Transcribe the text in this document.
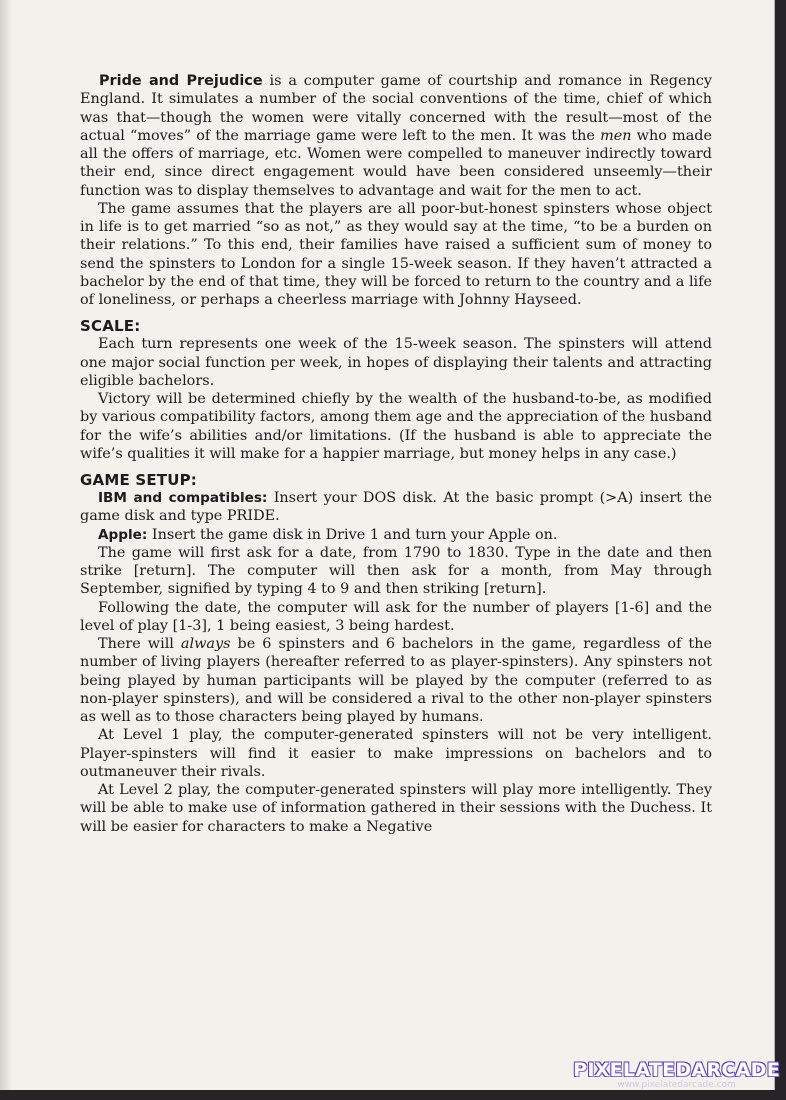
Pride and Prejudice is a computer game of courtship and romance in Regency England. It simulates a number of the social conventions of the time, chief of which was that—though the women were vitally concerned with the result—most of the actual “moves” of the marriage game were left to the men. It was the men who made all the offers of marriage, etc. Women were compelled to maneuver indirectly toward their end, since direct engagement would have been considered unseemly—their function was to display themselves to advantage and wait for the men to act.

The game assumes that the players are all poor-but-honest spinsters whose object in life is to get married “so as not,” as they would say at the time, “to be a burden on their relations.” To this end, their families have raised a sufficient sum of money to send the spinsters to London for a single 15-week season. If they haven’t attracted a bachelor by the end of that time, they will be forced to return to the country and a life of loneliness, or perhaps a cheerless marriage with Johnny Hayseed.

SCALE:

Each turn represents one week of the 15-week season. The spinsters will attend one major social function per week, in hopes of displaying their talents and attracting eligible bachelors.

Victory will be determined chiefly by the wealth of the husband-to-be, as modified by various compatibility factors, among them age and the appreciation of the husband for the wife’s abilities and/or limitations. (If the husband is able to appreciate the wife’s qualities it will make for a happier marriage, but money helps in any case.)

GAME SETUP:

IBM and compatibles: Insert your DOS disk. At the basic prompt (>A) insert the game disk and type PRIDE.

Apple: Insert the game disk in Drive 1 and turn your Apple on.

The game will first ask for a date, from 1790 to 1830. Type in the date and then strike [return]. The computer will then ask for a month, from May through September, signified by typing 4 to 9 and then striking [return].

Following the date, the computer will ask for the number of players [1-6] and the level of play [1-3], 1 being easiest, 3 being hardest.

There will always be 6 spinsters and 6 bachelors in the game, regardless of the number of living players (hereafter referred to as player-spinsters). Any spinsters not being played by human participants will be played by the computer (referred to as non-player spinsters), and will be considered a rival to the other non-player spinsters as well as to those characters being played by humans.

At Level 1 play, the computer-generated spinsters will not be very intelligent. Player-spinsters will find it easier to make impressions on bachelors and to outmaneuver their rivals.

At Level 2 play, the computer-generated spinsters will play more intelligently. They will be able to make use of information gathered in their sessions with the Duchess. It will be easier for characters to make a Negative

PIXELATEDARCADE
www.pixelatedarcade.com
